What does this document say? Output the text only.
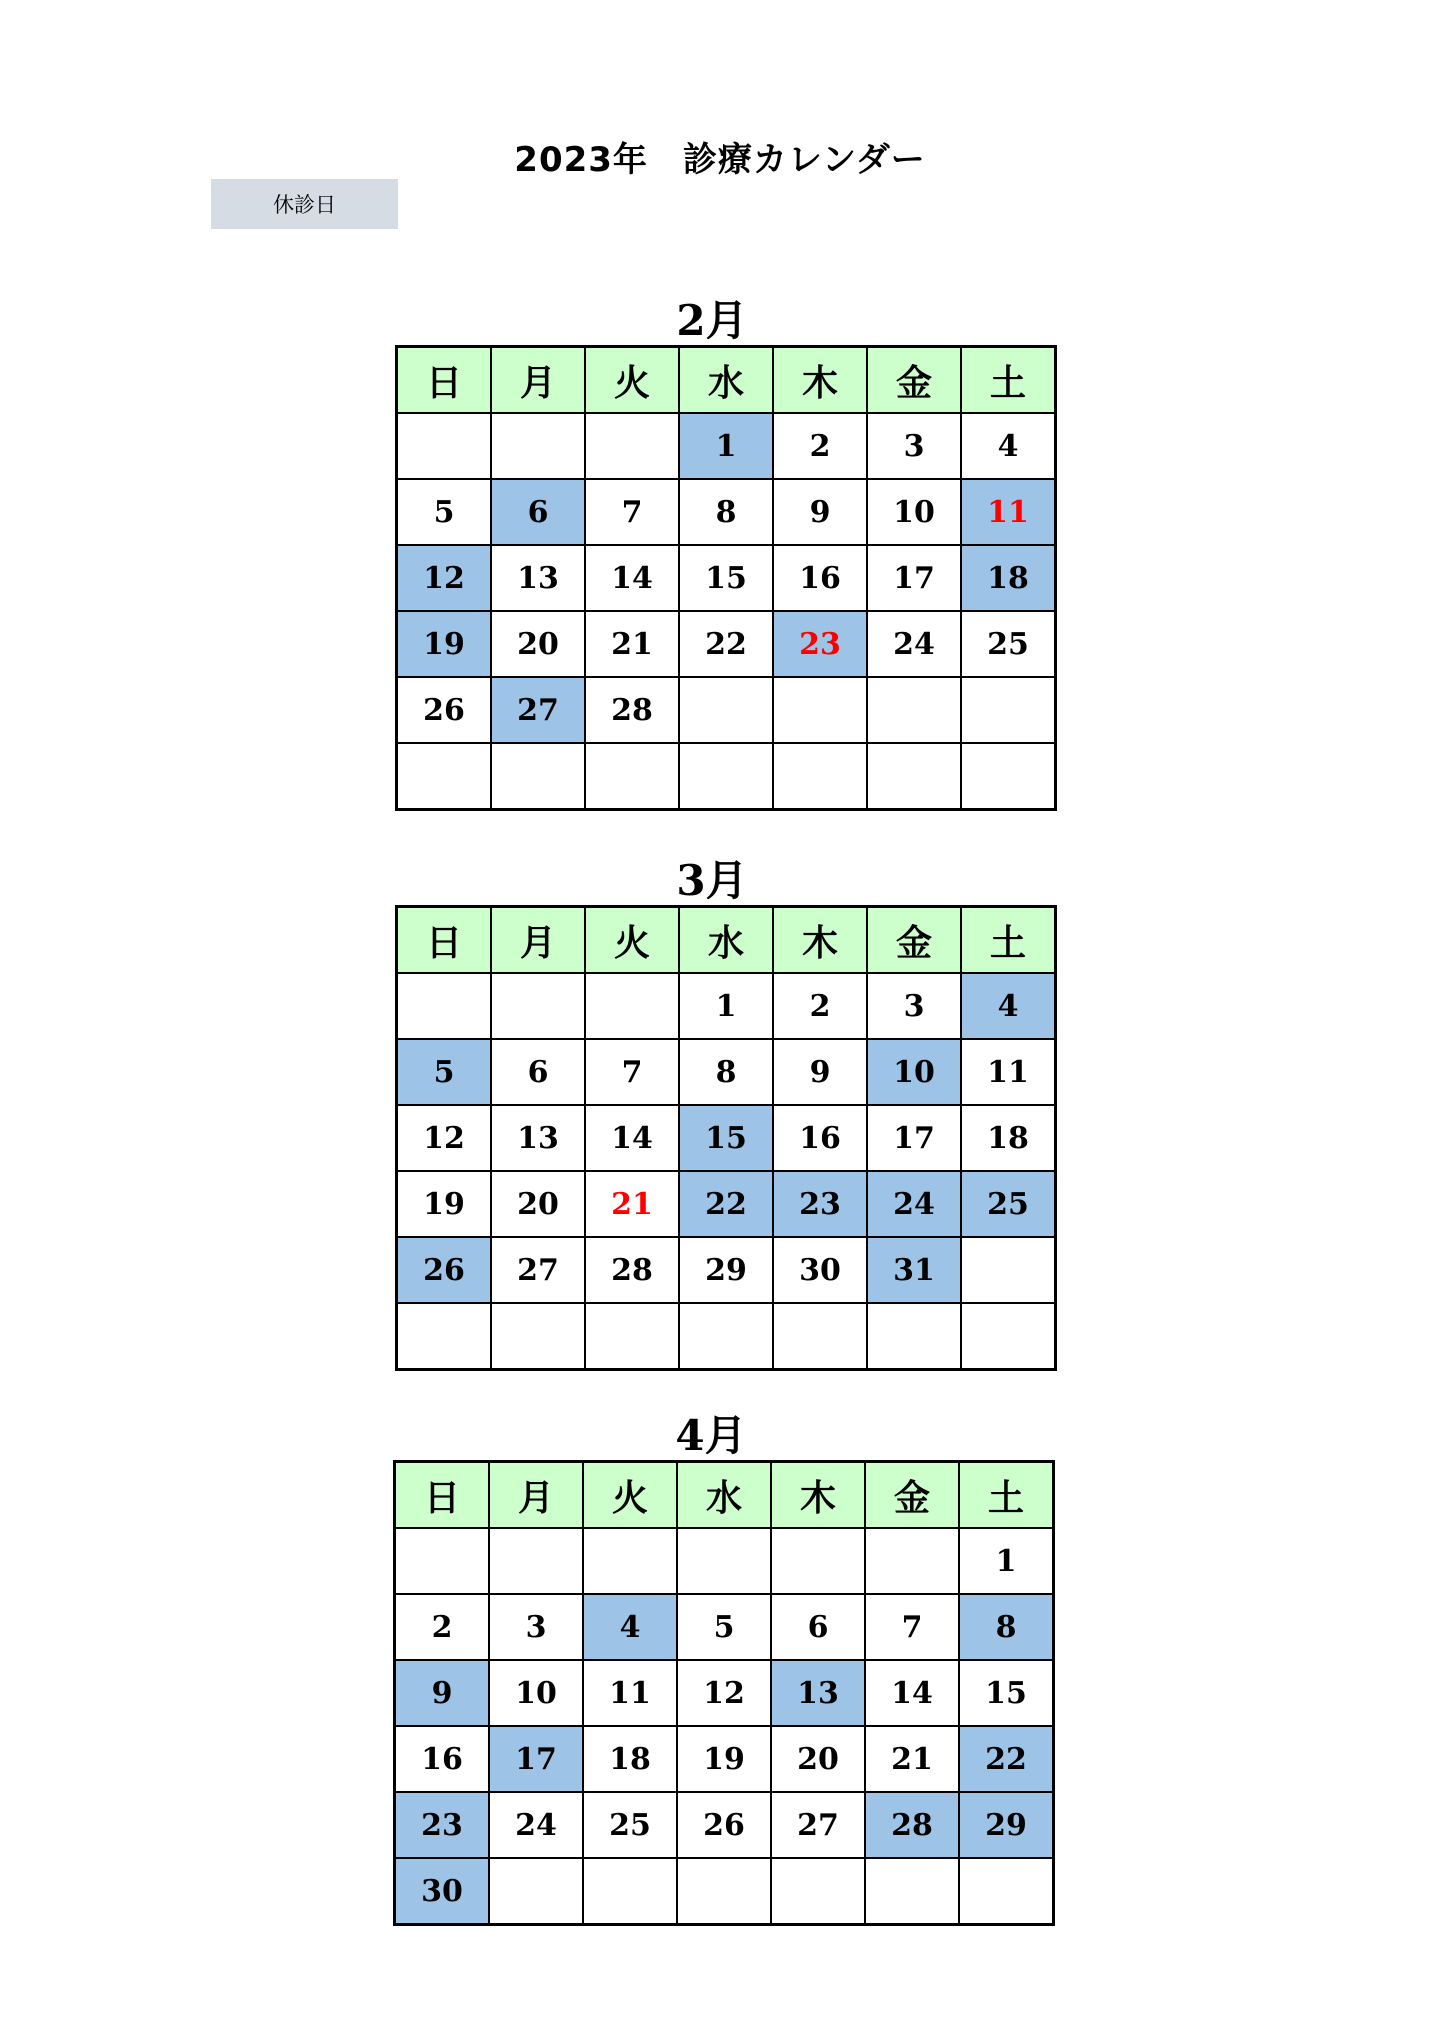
2023年　診療カレンダー
休診日
2月
日	月	火	水	木	金	土
			1	2	3	4
5	6	7	8	9	10	11
12	13	14	15	16	17	18
19	20	21	22	23	24	25
26	27	28				

3月
日	月	火	水	木	金	土
			1	2	3	4
5	6	7	8	9	10	11
12	13	14	15	16	17	18
19	20	21	22	23	24	25
26	27	28	29	30	31	

4月
日	月	火	水	木	金	土
						1
2	3	4	5	6	7	8
9	10	11	12	13	14	15
16	17	18	19	20	21	22
23	24	25	26	27	28	29
30						
